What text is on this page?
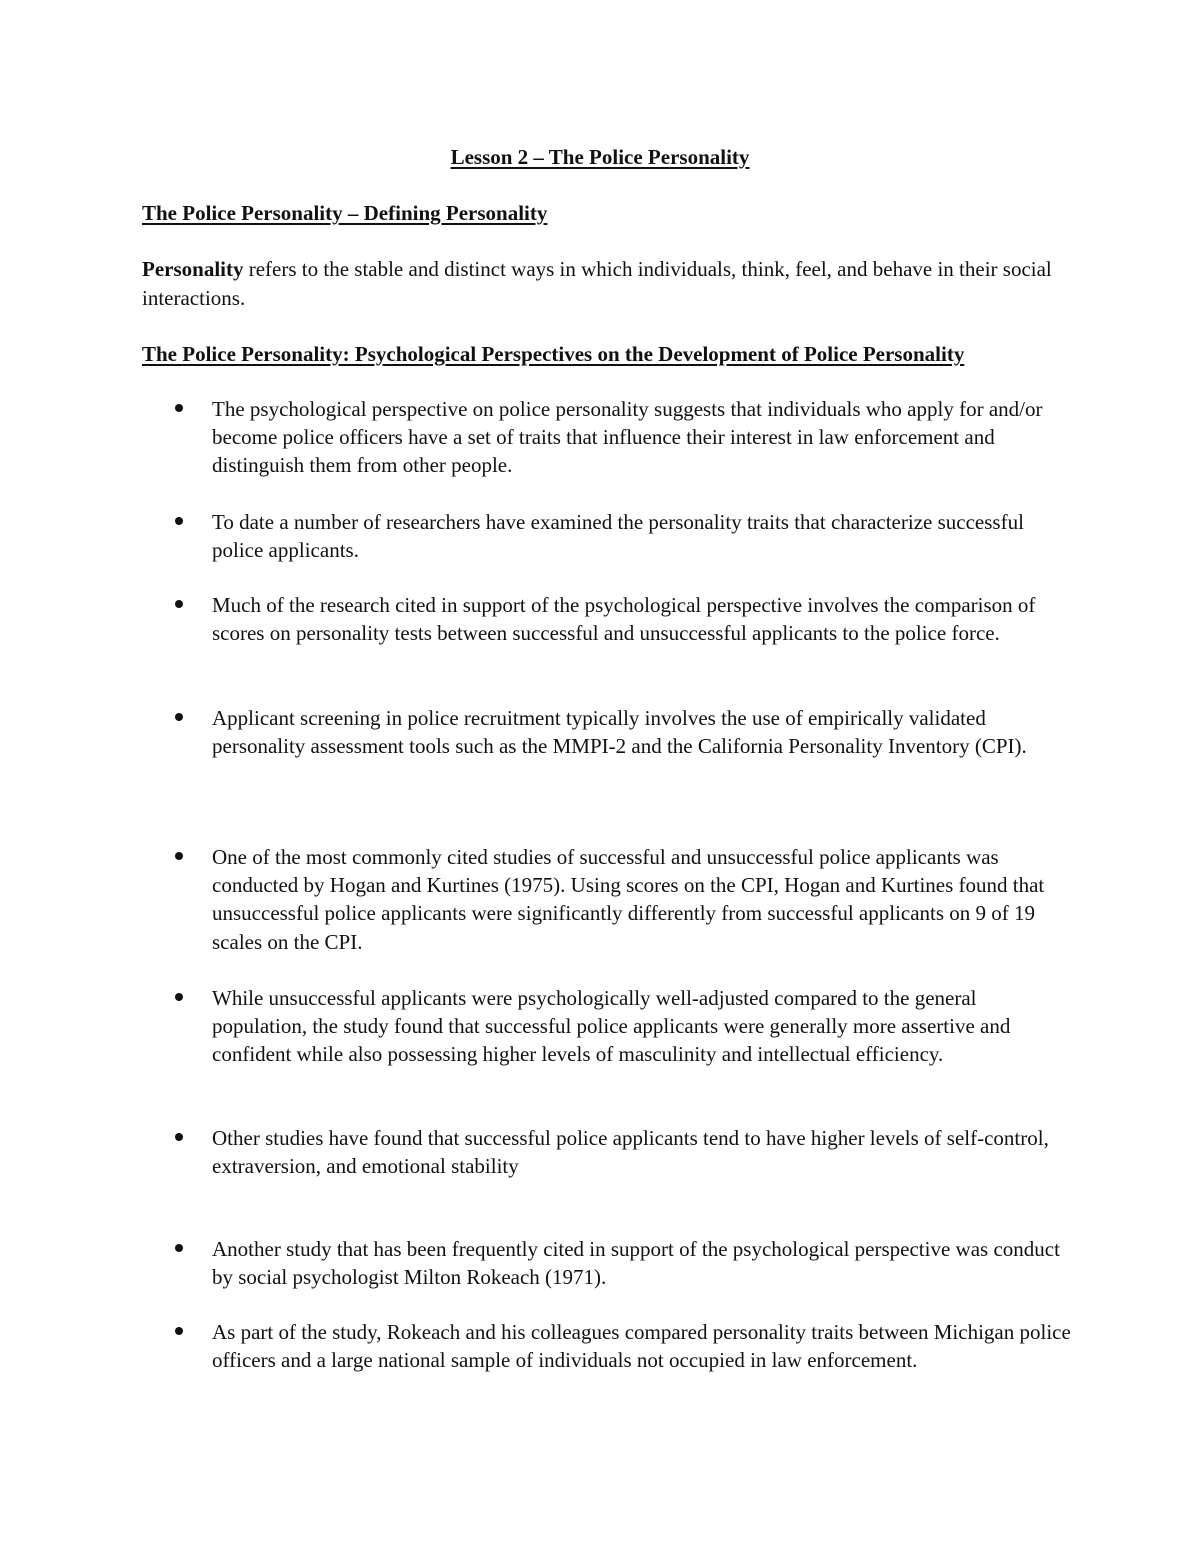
Lesson 2 – The Police Personality
The Police Personality – Defining Personality

Personality refers to the stable and distinct ways in which individuals, think, feel, and behave in their social interactions.

The Police Personality: Psychological Perspectives on the Development of Police Personality
The psychological perspective on police personality suggests that individuals who apply for and/or become police officers have a set of traits that influence their interest in law enforcement and distinguish them from other people.
To date a number of researchers have examined the personality traits that characterize successful police applicants.
Much of the research cited in support of the psychological perspective involves the comparison of scores on personality tests between successful and unsuccessful applicants to the police force.
Applicant screening in police recruitment typically involves the use of empirically validated personality assessment tools such as the MMPI-2 and the California Personality Inventory (CPI).
One of the most commonly cited studies of successful and unsuccessful police applicants was conducted by Hogan and Kurtines (1975). Using scores on the CPI, Hogan and Kurtines found that unsuccessful police applicants were significantly differently from successful applicants on 9 of 19 scales on the CPI.
While unsuccessful applicants were psychologically well-adjusted compared to the general population, the study found that successful police applicants were generally more assertive and confident while also possessing higher levels of masculinity and intellectual efficiency.
Other studies have found that successful police applicants tend to have higher levels of self-control, extraversion, and emotional stability
Another study that has been frequently cited in support of the psychological perspective was conduct by social psychologist Milton Rokeach (1971).
As part of the study, Rokeach and his colleagues compared personality traits between Michigan police officers and a large national sample of individuals not occupied in law enforcement.
